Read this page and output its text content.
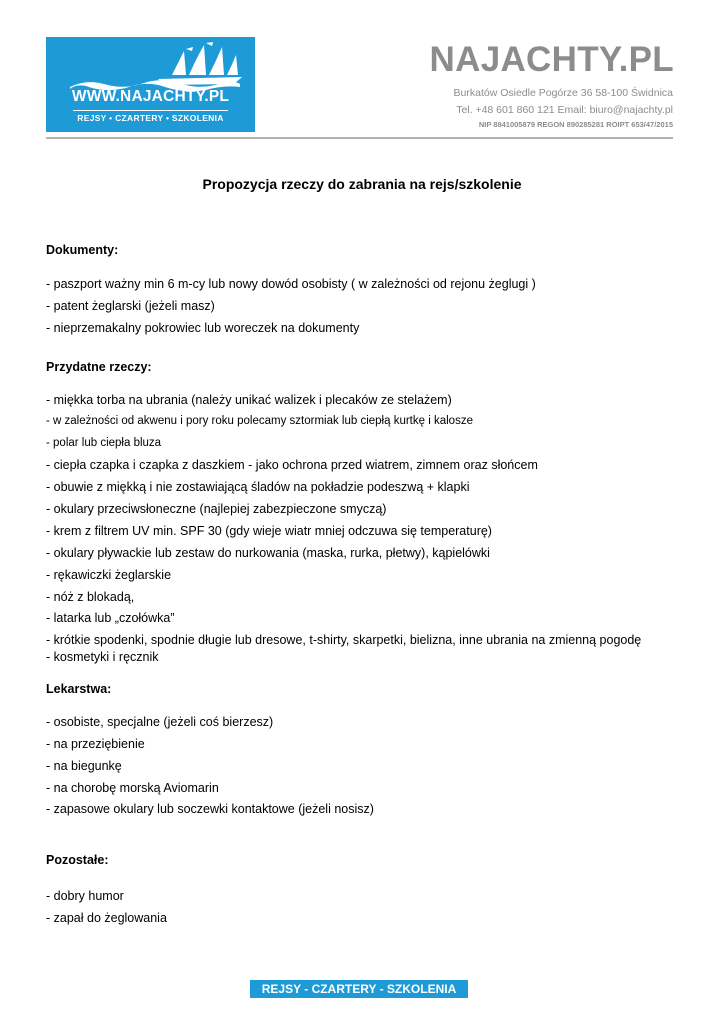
WWW.NAJACHTY.PL
REJSY • CZARTERY • SZKOLENIA
NAJACHTY.PL
Burkatów Osiedle Pogórze 36 58-100 Świdnica
Tel. +48 601 860 121 Email: biuro@najachty.pl
NIP 8841005879 REGON 890285281 ROIPT 653/47/2015
Propozycja rzeczy do zabrania na rejs/szkolenie
Dokumenty:
- paszport ważny min 6 m-cy lub nowy dowód osobisty ( w zależności od rejonu żeglugi )
- patent żeglarski (jeżeli masz)
- nieprzemakalny pokrowiec lub woreczek na dokumenty
Przydatne rzeczy:
- miękka torba na ubrania (należy unikać walizek i plecaków ze stelażem)
- w zależności od akwenu i pory roku polecamy sztormiak lub ciepłą kurtkę i kalosze
- polar lub ciepła bluza
- ciepła czapka i czapka z daszkiem - jako ochrona przed wiatrem, zimnem oraz słońcem
- obuwie z miękką i nie zostawiającą śladów na pokładzie podeszwą + klapki
- okulary przeciwsłoneczne (najlepiej zabezpieczone smyczą)
- krem z filtrem UV min. SPF 30 (gdy wieje wiatr mniej odczuwa się temperaturę)
- okulary pływackie lub zestaw do nurkowania (maska, rurka, płetwy), kąpielówki
- rękawiczki żeglarskie
- nóż z blokadą,
- latarka lub „czołówka”
- krótkie spodenki, spodnie długie lub dresowe, t-shirty, skarpetki, bielizna, inne ubrania na zmienną pogodę
- kosmetyki i ręcznik
Lekarstwa:
- osobiste, specjalne (jeżeli coś bierzesz)
- na przeziębienie
- na biegunkę
- na chorobę morską Aviomarin
- zapasowe okulary lub soczewki kontaktowe (jeżeli nosisz)
Pozostałe:
- dobry humor
- zapał do żeglowania
REJSY - CZARTERY - SZKOLENIA
